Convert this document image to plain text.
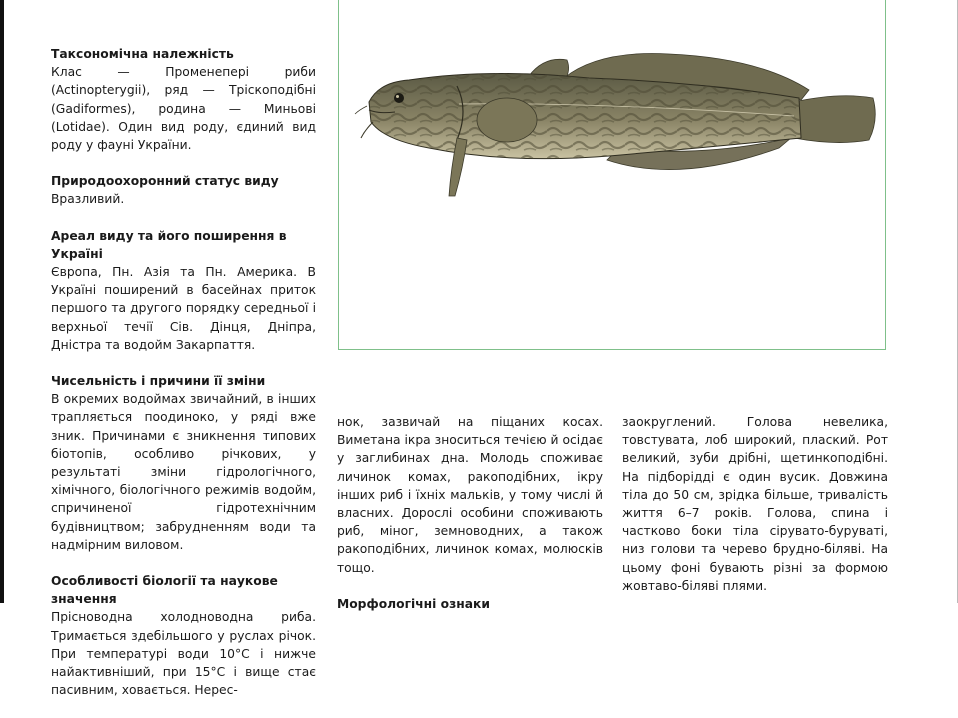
Таксономічна належність

Клас — Променепері риби (Actinopterygii), ряд — Тріскоподібні (Gadiformes), родина — Миньові (Lotidae). Один вид роду, єдиний вид роду у фауні України.

Природоохоронний статус виду

Вразливий.

Ареал виду та його поширення в Україні

Європа, Пн. Азія та Пн. Америка. В Україні поширений в басейнах приток першого та другого порядку середньої і верхньої течії Сів. Дінця, Дніпра, Дністра та водойм Закарпаття.

Чисельність і причини її зміни

В окремих водоймах звичайний, в інших трапляється поодиноко, у ряді вже зник. Причинами є зникнення типових біотопів, особливо річкових, у результаті зміни гідрологічного, хімічного, біологічного режимів водойм, спричиненої гідротехнічним будівництвом; забрудненням води та надмірним виловом.

Особливості біології та наукове значення

Прісноводна холодноводна риба. Тримається здебільшого у руслах річок. При температурі води 10°С і нижче найактивніший, при 15°С і вище стає пасивним, ховається. Нерес-

нок, зазвичай на піщаних косах. Виметана ікра зноситься течією й осідає у заглибинах дна. Молодь споживає личинок комах, ракоподібних, ікру інших риб і їхніх мальків, у тому числі й власних. Дорослі особини споживають риб, міног, земноводних, а також ракоподібних, личинок комах, молюсків тощо.

Морфологічні ознаки

заокруглений. Голова невелика, товстувата, лоб широкий, плаский. Рот великий, зуби дрібні, щетинкоподібні. На підборідді є один вусик. Довжина тіла до 50 см, зрідка більше, тривалість життя 6–7 років. Голова, спина і частково боки тіла сірувато-буруваті, низ голови та черево брудно-біляві. На цьому фоні бувають різні за формою жовтаво-біляві плями.
